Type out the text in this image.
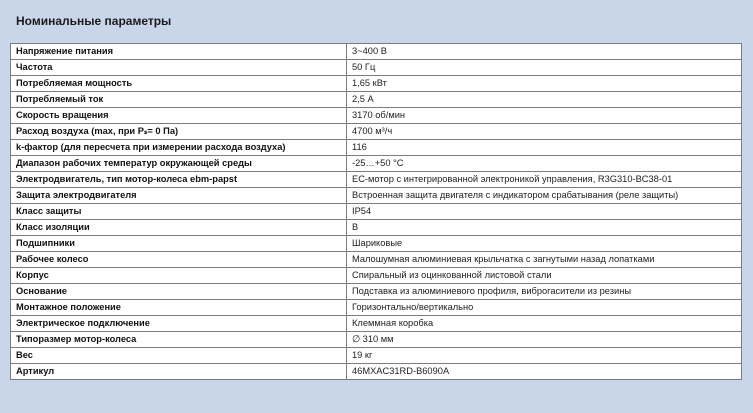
Номинальные параметры
Напряжение питания	3~400 В
Частота	50 Гц
Потребляемая мощность	1,65 кВт
Потребляемый ток	2,5 А
Скорость вращения	3170 об/мин
Расход воздуха (max, при Pₛ= 0 Па)	4700 м³/ч
k-фактор (для пересчета при измерении расхода воздуха)	116
Диапазон рабочих температур окружающей среды	-25…+50 °C
Электродвигатель, тип мотор-колеса ebm-papst	ЕС-мотор с интегрированной электроникой управления, R3G310-BC38-01
Защита электродвигателя	Встроенная защита двигателя с индикатором срабатывания (реле защиты)
Класс защиты	IP54
Класс изоляции	B
Подшипники	Шариковые
Рабочее колесо	Малошумная алюминиевая крыльчатка с загнутыми назад лопатками
Корпус	Спиральный из оцинкованной листовой стали
Основание	Подставка из алюминиевого профиля, виброгасители из резины
Монтажное положение	Горизонтально/вертикально
Электрическое подключение	Клеммная коробка
Типоразмер мотор-колеса	∅ 310 мм
Вес	19 кг
Артикул	46MXAC31RD-B6090A
